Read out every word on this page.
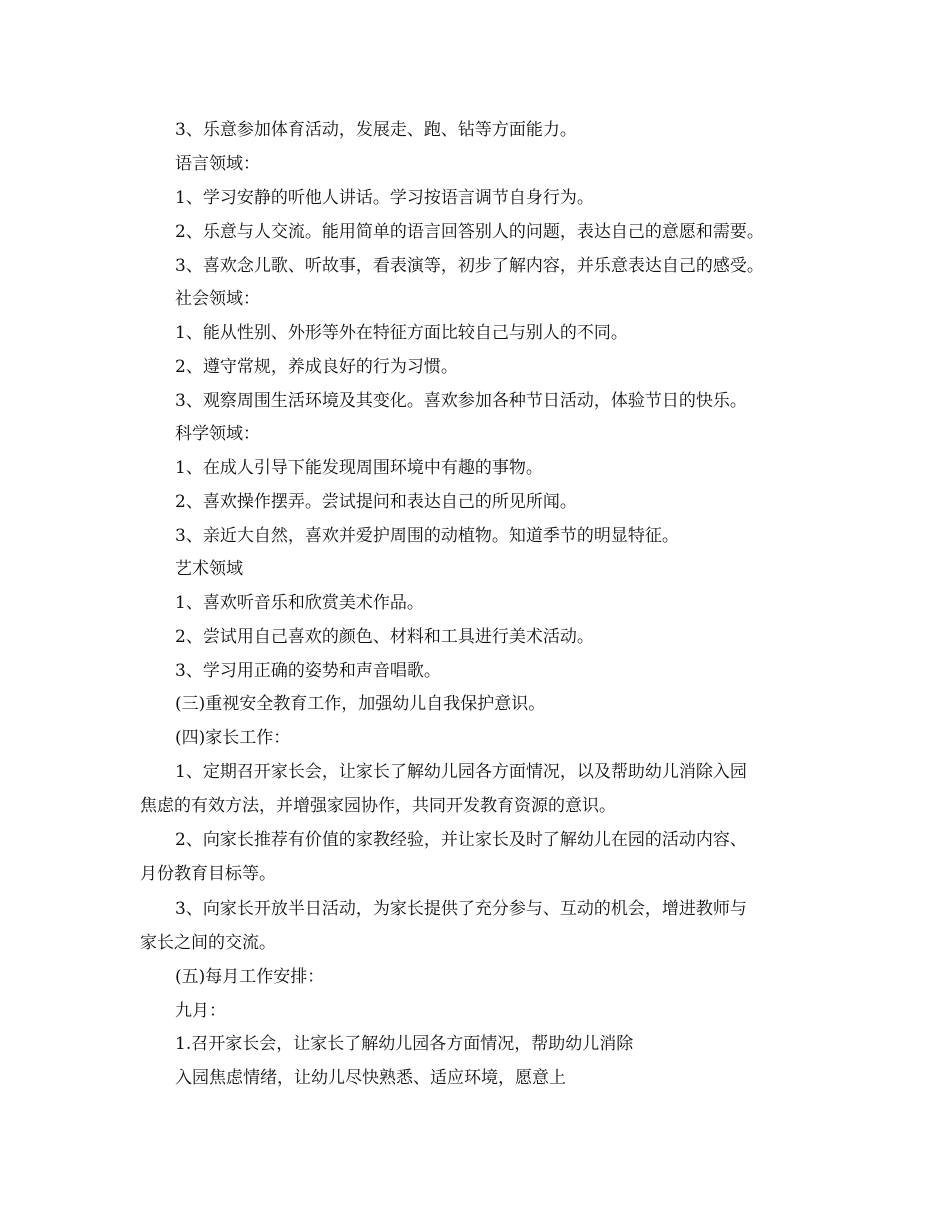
3、乐意参加体育活动，发展走、跑、钻等方面能力。
语言领域：
1、学习安静的听他人讲话。学习按语言调节自身行为。
2、乐意与人交流。能用简单的语言回答别人的问题，表达自己的意愿和需要。
3、喜欢念儿歌、听故事，看表演等，初步了解内容，并乐意表达自己的感受。
社会领域：
1、能从性别、外形等外在特征方面比较自己与别人的不同。
2、遵守常规，养成良好的行为习惯。
3、观察周围生活环境及其变化。喜欢参加各种节日活动，体验节日的快乐。
科学领域：
1、在成人引导下能发现周围环境中有趣的事物。
2、喜欢操作摆弄。尝试提问和表达自己的所见所闻。
3、亲近大自然，喜欢并爱护周围的动植物。知道季节的明显特征。
艺术领域
1、喜欢听音乐和欣赏美术作品。
2、尝试用自己喜欢的颜色、材料和工具进行美术活动。
3、学习用正确的姿势和声音唱歌。
(三)重视安全教育工作，加强幼儿自我保护意识。
(四)家长工作：
1、定期召开家长会，让家长了解幼儿园各方面情况，以及帮助幼儿消除入园
焦虑的有效方法，并增强家园协作，共同开发教育资源的意识。
2、向家长推荐有价值的家教经验，并让家长及时了解幼儿在园的活动内容、
月份教育目标等。
3、向家长开放半日活动，为家长提供了充分参与、互动的机会，增进教师与
家长之间的交流。
(五)每月工作安排：
九月：
1.召开家长会，让家长了解幼儿园各方面情况，帮助幼儿消除
入园焦虑情绪，让幼儿尽快熟悉、适应环境，愿意上
